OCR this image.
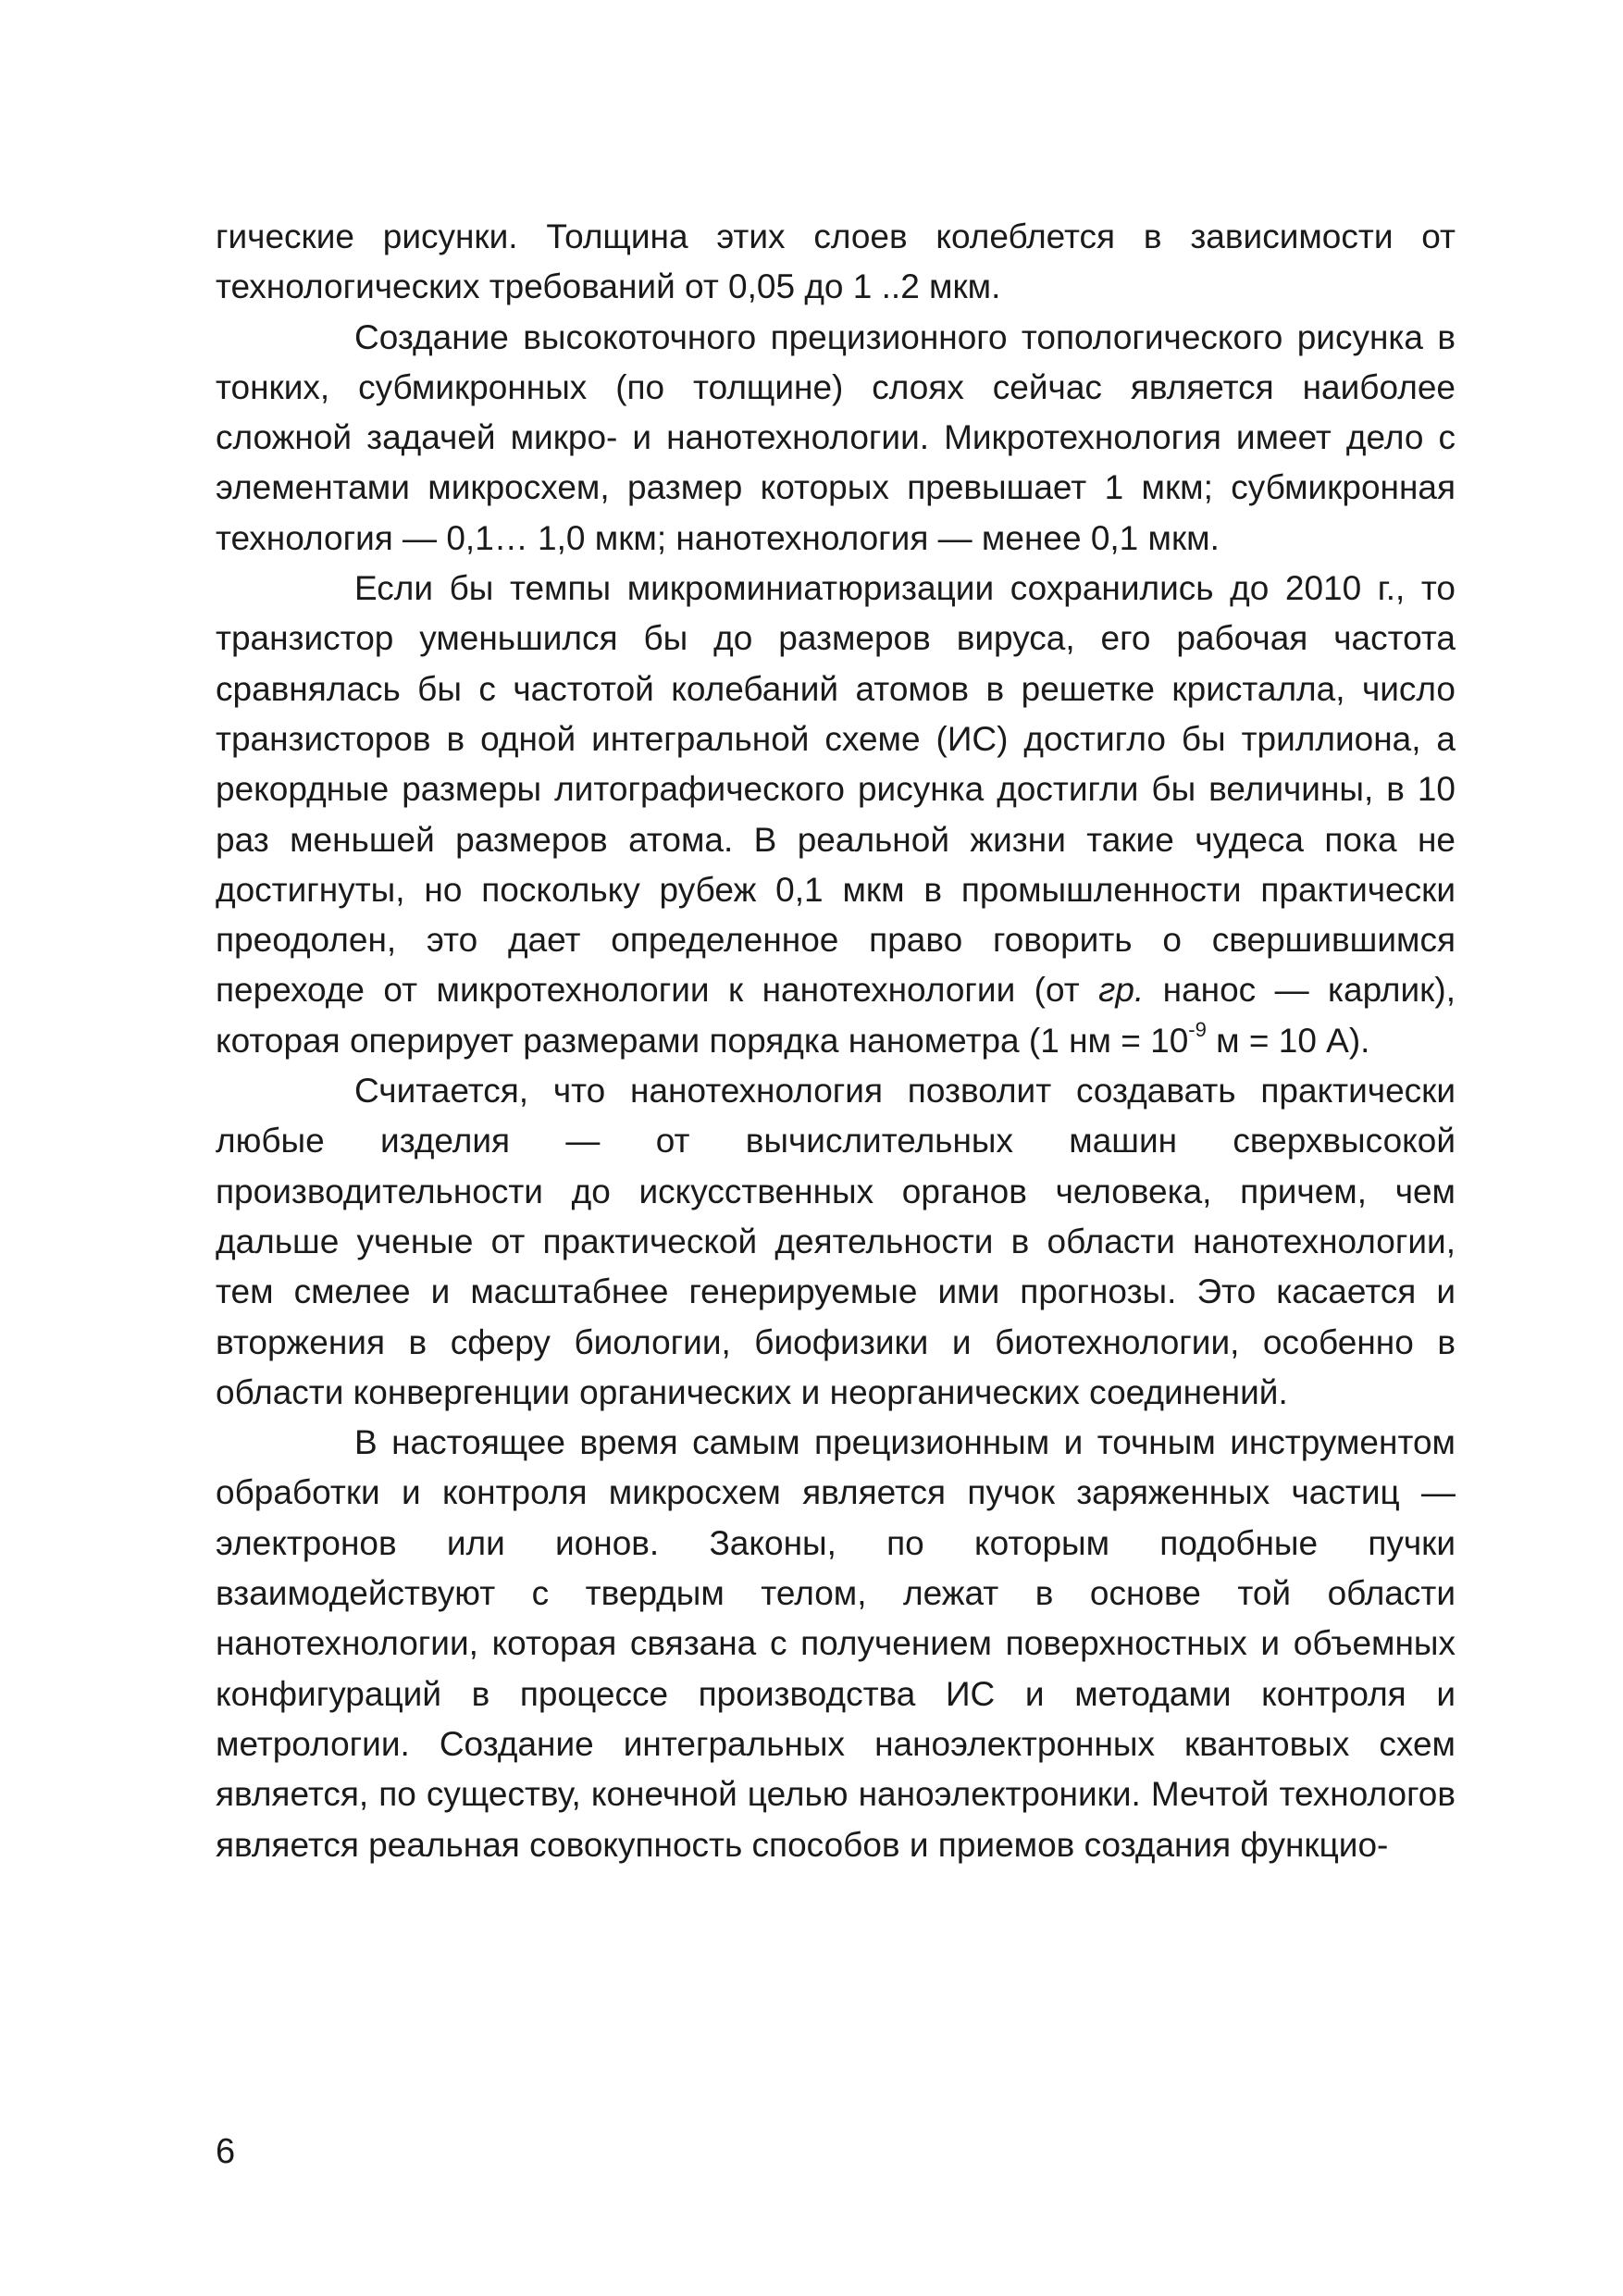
гические рисунки. Толщина этих слоев колеблется в зависимости от технологических требований от 0,05 до 1 ..2 мкм.

Создание высокоточного прецизионного топологического рисунка в тонких, субмикронных (по толщине) слоях сейчас является наиболее сложной задачей микро- и нанотехнологии. Микротехнология имеет дело с элементами микросхем, размер которых превышает 1 мкм; субмикронная технология — 0,1… 1,0 мкм; нанотехнология — менее 0,1 мкм.

Если бы темпы микроминиатюризации сохранились до 2010 г., то транзистор уменьшился бы до размеров вируса, его рабочая частота сравнялась бы с частотой колебаний атомов в решетке кристалла, число транзисторов в одной интегральной схеме (ИС) достигло бы триллиона, а рекордные размеры литографического рисунка достигли бы величины, в 10 раз меньшей размеров атома. В реальной жизни такие чудеса пока не достигнуты, но поскольку рубеж 0,1 мкм в промышленности практически преодолен, это дает определенное право говорить о свершившимся переходе от микротехнологии к нанотехнологии (от гр. нанос — карлик), которая оперирует размерами порядка нанометра (1 нм = $10^{-9}$ м = 10 А).

Считается, что нанотехнология позволит создавать практически любые изделия — от вычислительных машин сверхвысокой производительности до искусственных органов человека, причем, чем дальше ученые от практической деятельности в области нанотехнологии, тем смелее и масштабнее генерируемые ими прогнозы. Это касается и вторжения в сферу биологии, биофизики и биотехнологии, особенно в области конвергенции органических и неорганических соединений.

В настоящее время самым прецизионным и точным инструментом обработки и контроля микросхем является пучок заряженных частиц — электронов или ионов. Законы, по которым подобные пучки взаимодействуют с твердым телом, лежат в основе той области нанотехнологии, которая связана с получением поверхностных и объемных конфигураций в процессе производства ИС и методами контроля и метрологии. Создание интегральных наноэлектронных квантовых схем является, по существу, конечной целью наноэлектроники. Мечтой технологов является реальная совокупность способов и приемов создания функцио-

6
